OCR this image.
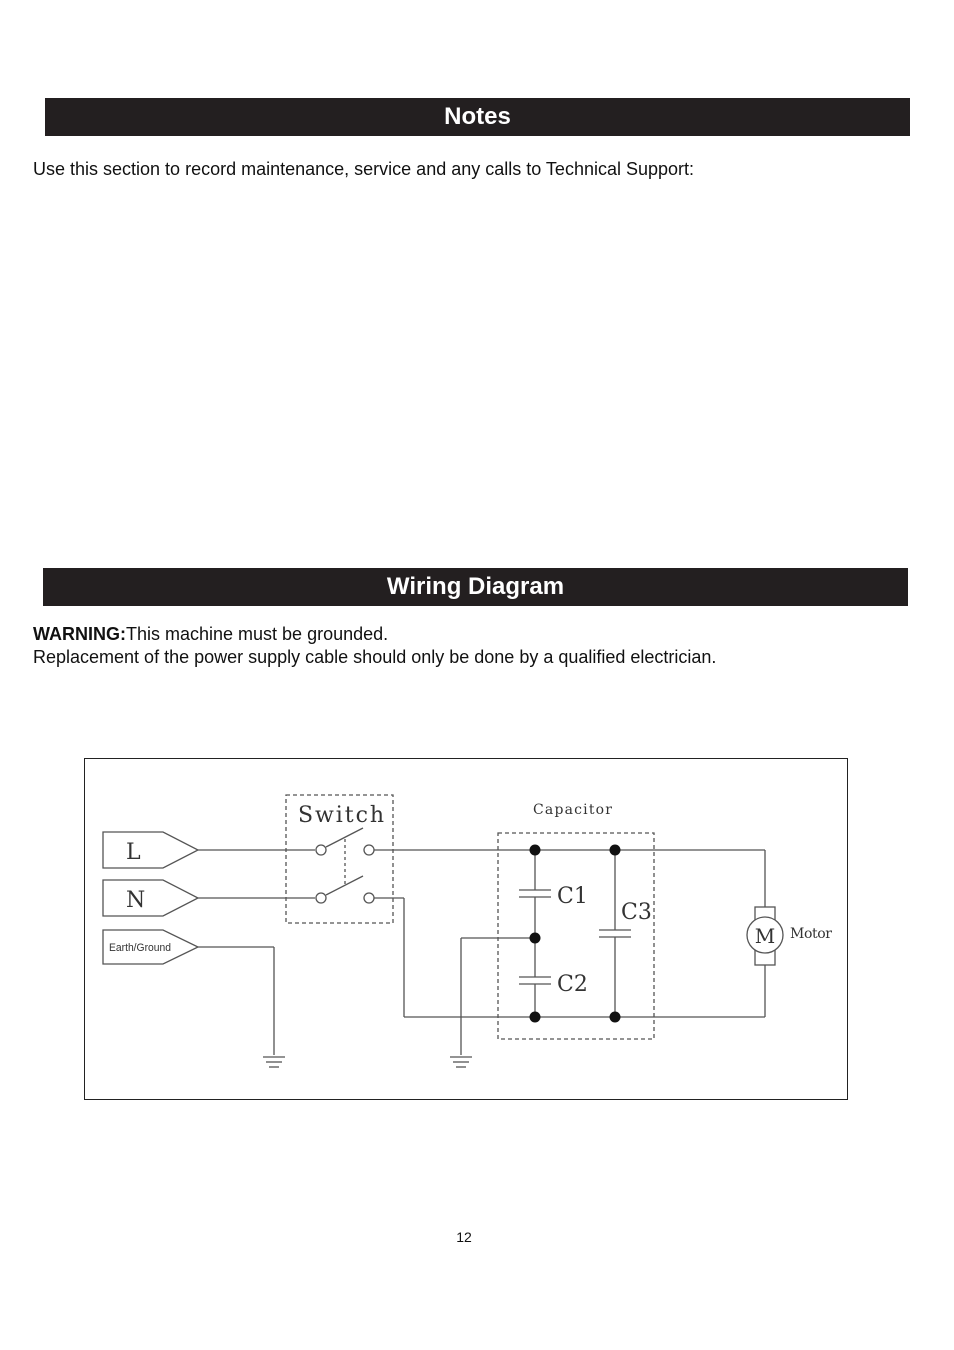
Notes
Use this section to record maintenance, service and any calls to Technical Support:
Wiring Diagram
WARNING:This machine must be grounded.
Replacement of the power supply cable should only be done by a qualified electrician.
L
N
Earth/Ground
Switch	Capacitor
C1
C2
C3
M Motor
12
